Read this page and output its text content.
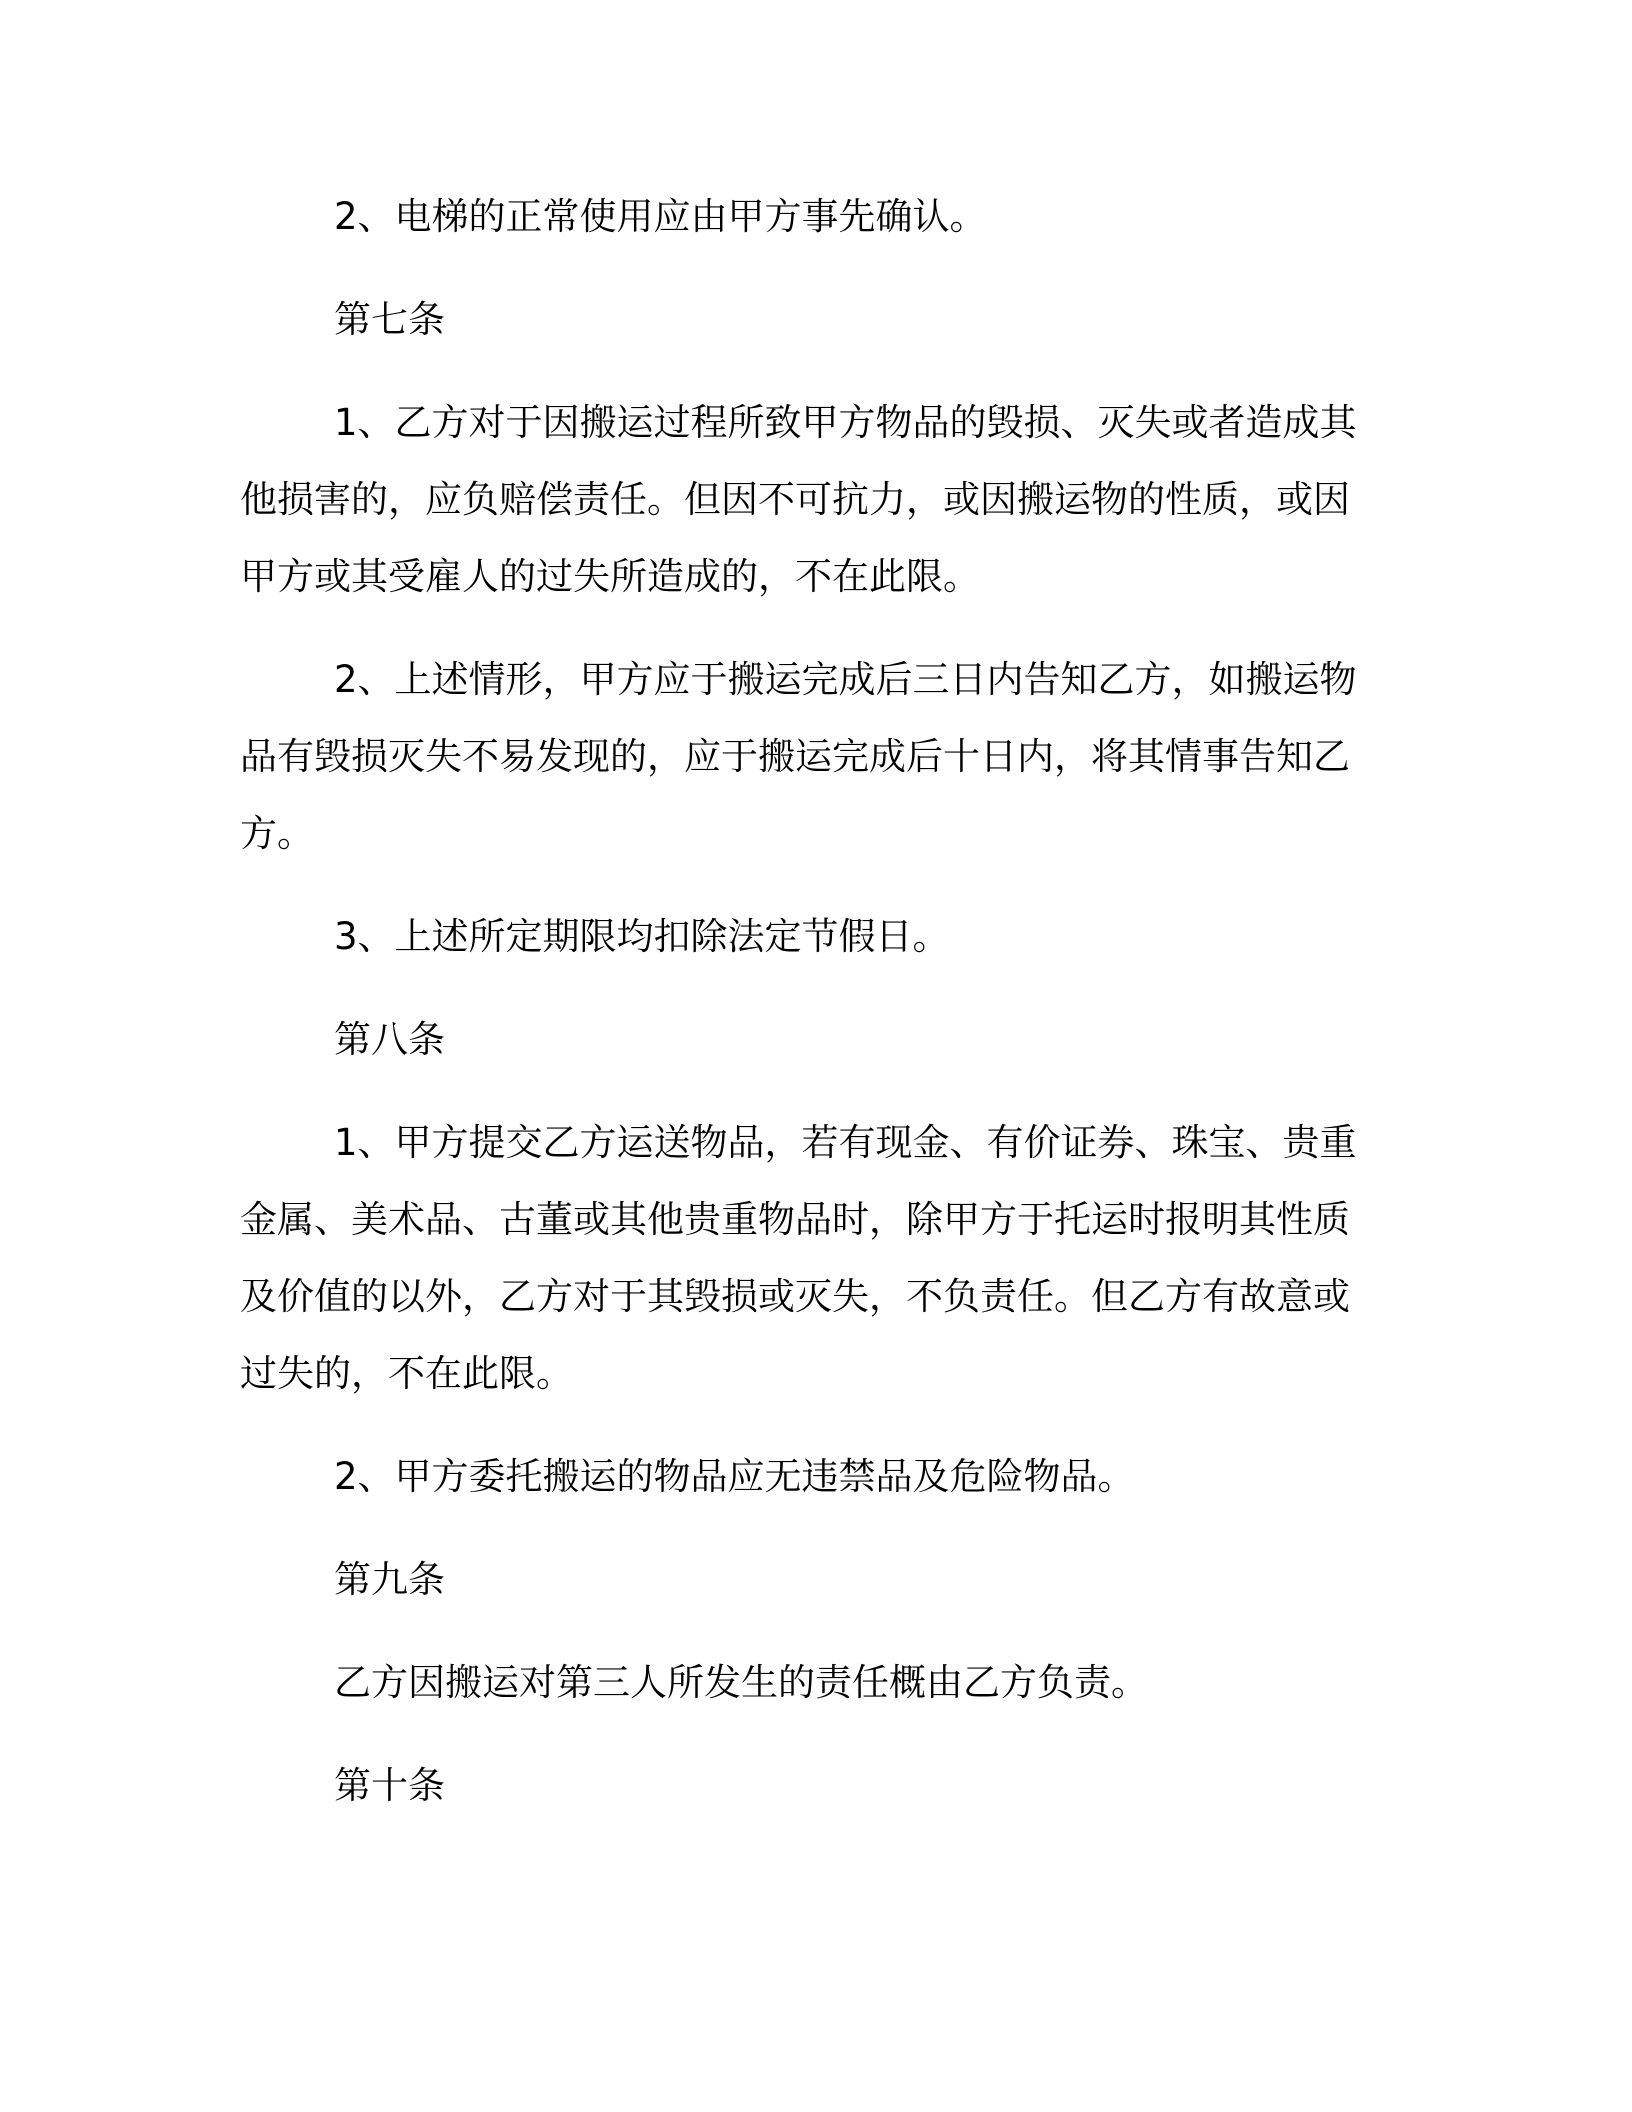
2、电梯的正常使用应由甲方事先确认。
第七条
1、乙方对于因搬运过程所致甲方物品的毁损、灭失或者造成其
他损害的，应负赔偿责任。但因不可抗力，或因搬运物的性质，或因
甲方或其受雇人的过失所造成的，不在此限。
2、上述情形，甲方应于搬运完成后三日内告知乙方，如搬运物
品有毁损灭失不易发现的，应于搬运完成后十日内，将其情事告知乙
方。
3、上述所定期限均扣除法定节假日。
第八条
1、甲方提交乙方运送物品，若有现金、有价证券、珠宝、贵重
金属、美术品、古董或其他贵重物品时，除甲方于托运时报明其性质
及价值的以外，乙方对于其毁损或灭失，不负责任。但乙方有故意或
过失的，不在此限。
2、甲方委托搬运的物品应无违禁品及危险物品。
第九条
乙方因搬运对第三人所发生的责任概由乙方负责。
第十条
